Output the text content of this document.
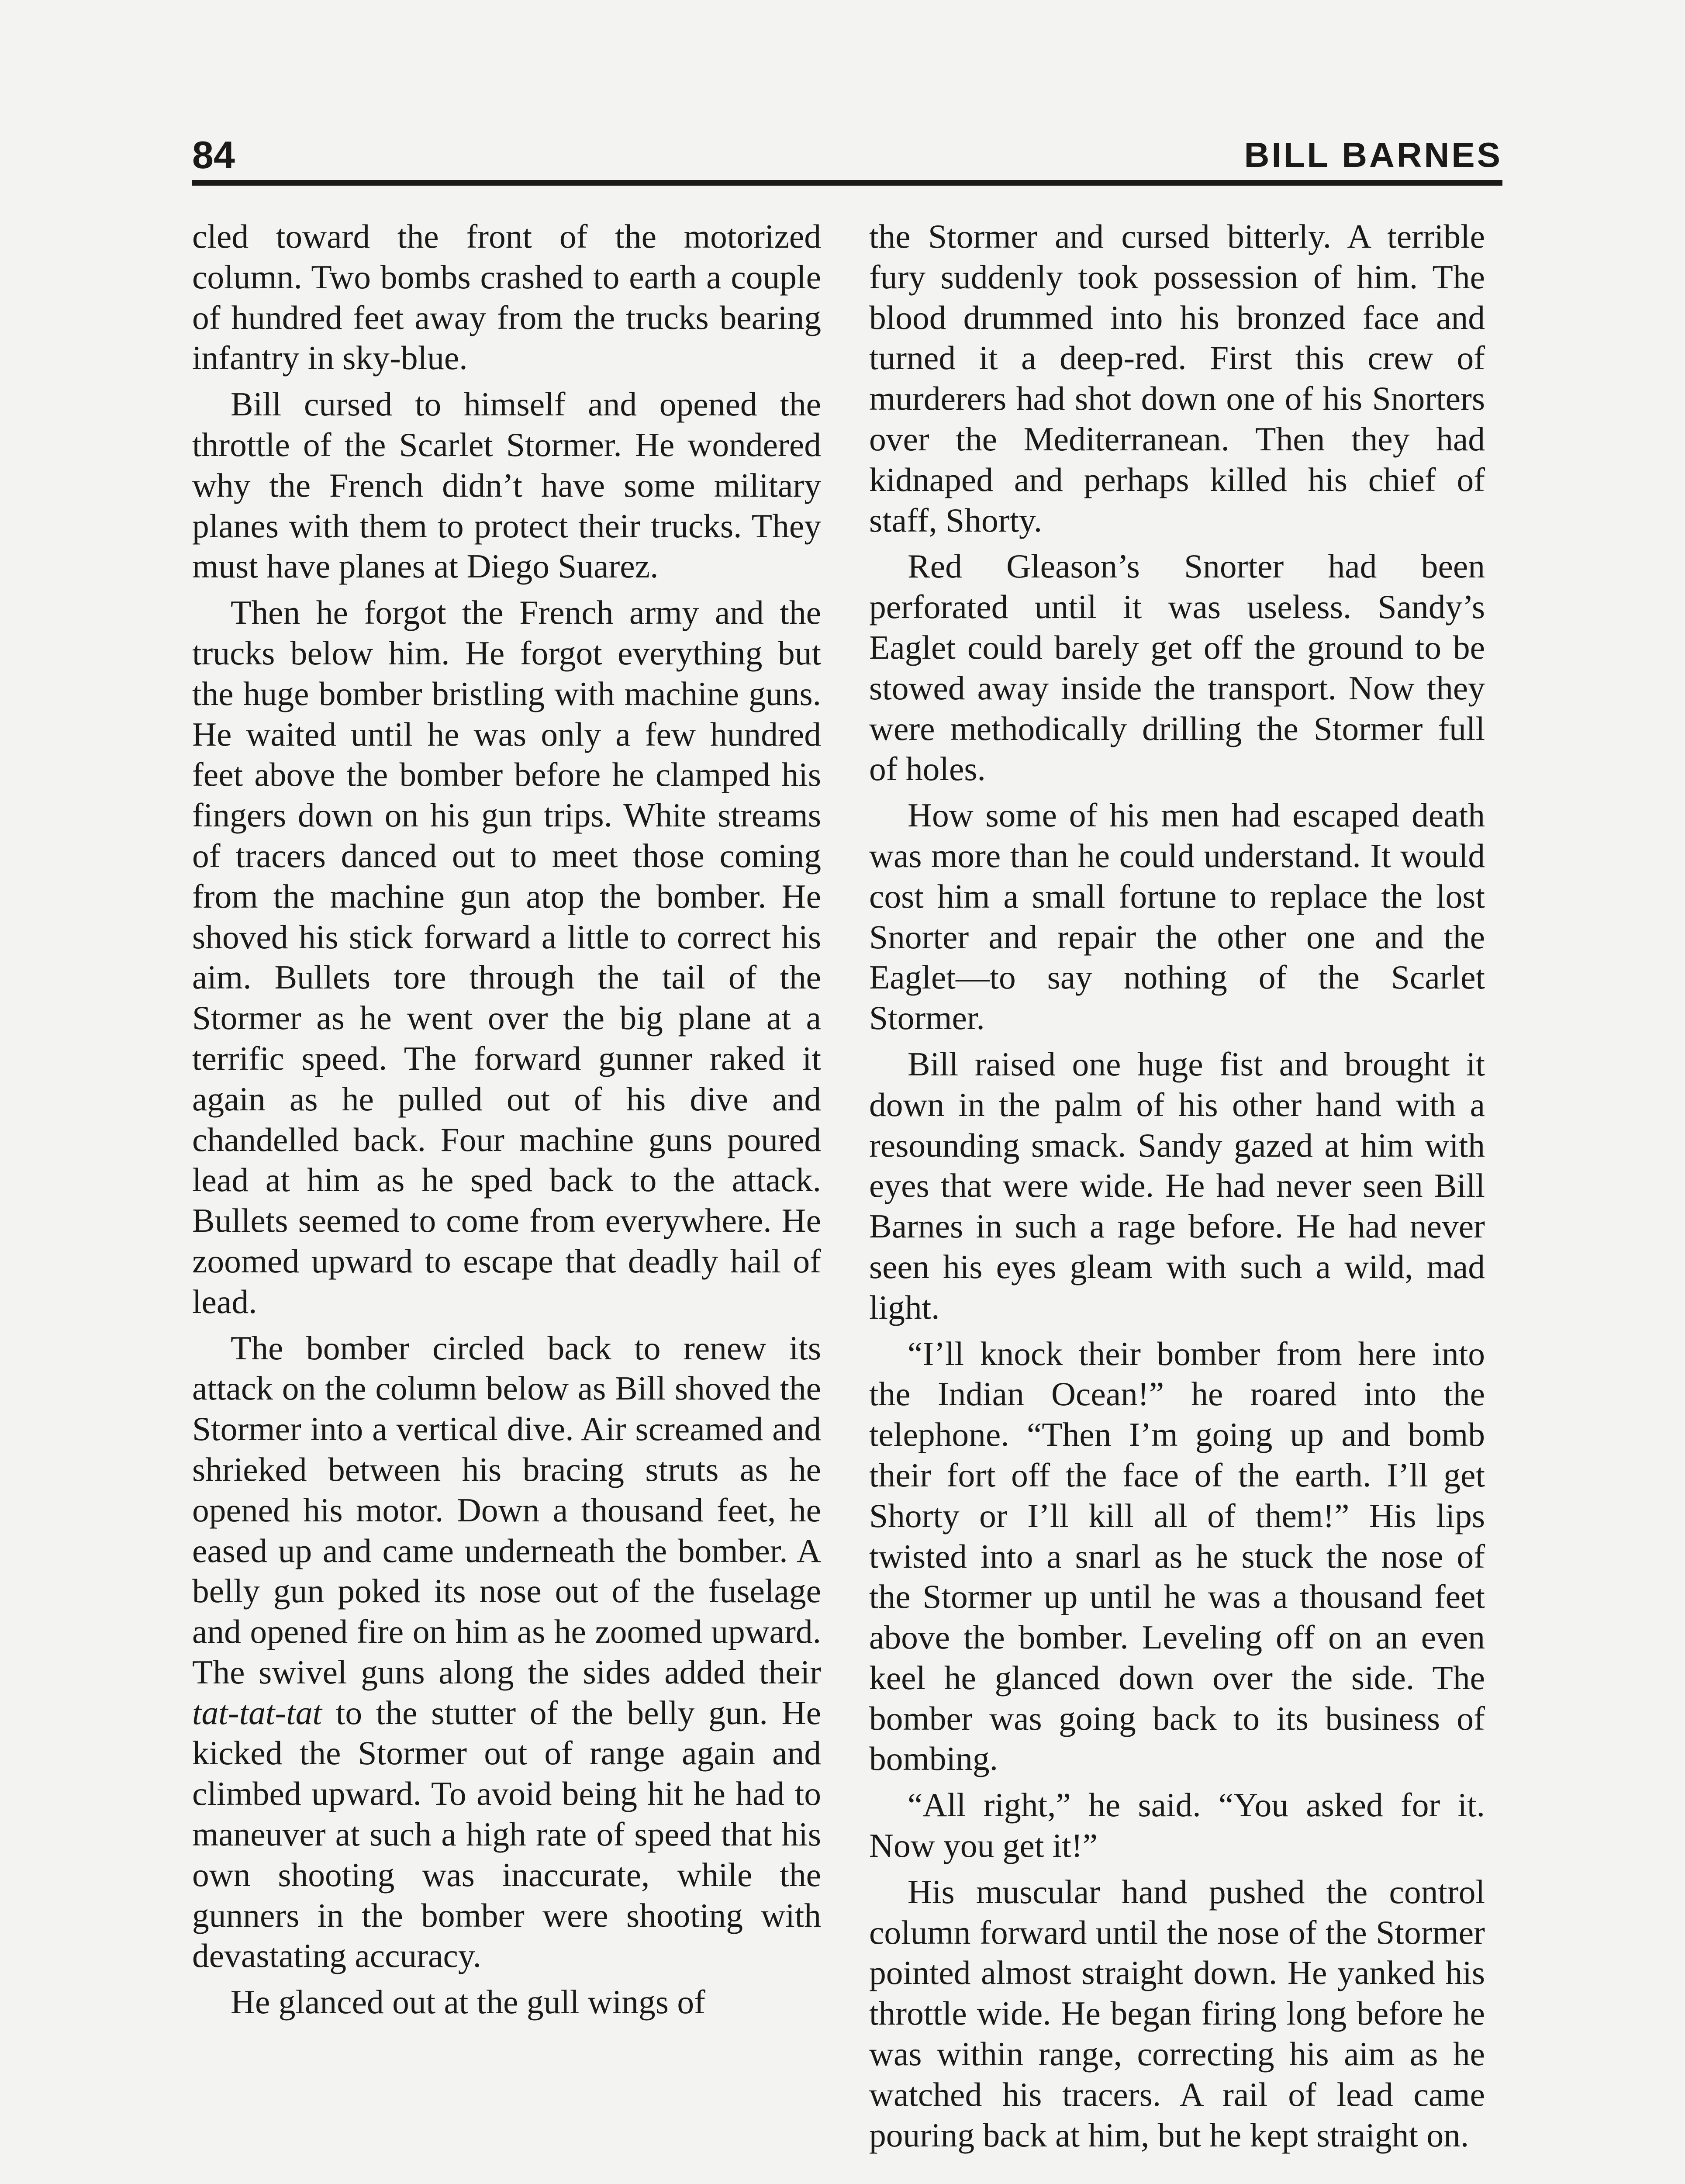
84	BILL BARNES

cled toward the front of the motorized column. Two bombs crashed to earth a couple of hundred feet away from the trucks bearing infantry in sky-blue.

Bill cursed to himself and opened the throttle of the Scarlet Stormer. He wondered why the French didn’t have some military planes with them to protect their trucks. They must have planes at Diego Suarez.

Then he forgot the French army and the trucks below him. He forgot everything but the huge bomber bristling with machine guns. He waited until he was only a few hundred feet above the bomber before he clamped his fingers down on his gun trips. White streams of tracers danced out to meet those coming from the machine gun atop the bomber. He shoved his stick forward a little to correct his aim. Bullets tore through the tail of the Stormer as he went over the big plane at a terrific speed. The forward gunner raked it again as he pulled out of his dive and chandelled back. Four machine guns poured lead at him as he sped back to the attack. Bullets seemed to come from everywhere. He zoomed upward to escape that deadly hail of lead.

The bomber circled back to renew its attack on the column below as Bill shoved the Stormer into a vertical dive. Air screamed and shrieked between his bracing struts as he opened his motor. Down a thousand feet, he eased up and came underneath the bomber. A belly gun poked its nose out of the fuselage and opened fire on him as he zoomed upward. The swivel guns along the sides added their tat-tat-tat to the stutter of the belly gun. He kicked the Stormer out of range again and climbed upward. To avoid being hit he had to maneuver at such a high rate of speed that his own shooting was inaccurate, while the gunners in the bomber were shooting with devastating accuracy.

He glanced out at the gull wings of

the Stormer and cursed bitterly. A terrible fury suddenly took possession of him. The blood drummed into his bronzed face and turned it a deep-red. First this crew of murderers had shot down one of his Snorters over the Mediterranean. Then they had kidnaped and perhaps killed his chief of staff, Shorty.

Red Gleason’s Snorter had been perforated until it was useless. Sandy’s Eaglet could barely get off the ground to be stowed away inside the transport. Now they were methodically drilling the Stormer full of holes.

How some of his men had escaped death was more than he could understand. It would cost him a small fortune to replace the lost Snorter and repair the other one and the Eaglet—to say nothing of the Scarlet Stormer.

Bill raised one huge fist and brought it down in the palm of his other hand with a resounding smack. Sandy gazed at him with eyes that were wide. He had never seen Bill Barnes in such a rage before. He had never seen his eyes gleam with such a wild, mad light.

“I’ll knock their bomber from here into the Indian Ocean!” he roared into the telephone. “Then I’m going up and bomb their fort off the face of the earth. I’ll get Shorty or I’ll kill all of them!” His lips twisted into a snarl as he stuck the nose of the Stormer up until he was a thousand feet above the bomber. Leveling off on an even keel he glanced down over the side. The bomber was going back to its business of bombing.

“All right,” he said. “You asked for it. Now you get it!”

His muscular hand pushed the control column forward until the nose of the Stormer pointed almost straight down. He yanked his throttle wide. He began firing long before he was within range, correcting his aim as he watched his tracers. A rail of lead came pouring back at him, but he kept straight on.
